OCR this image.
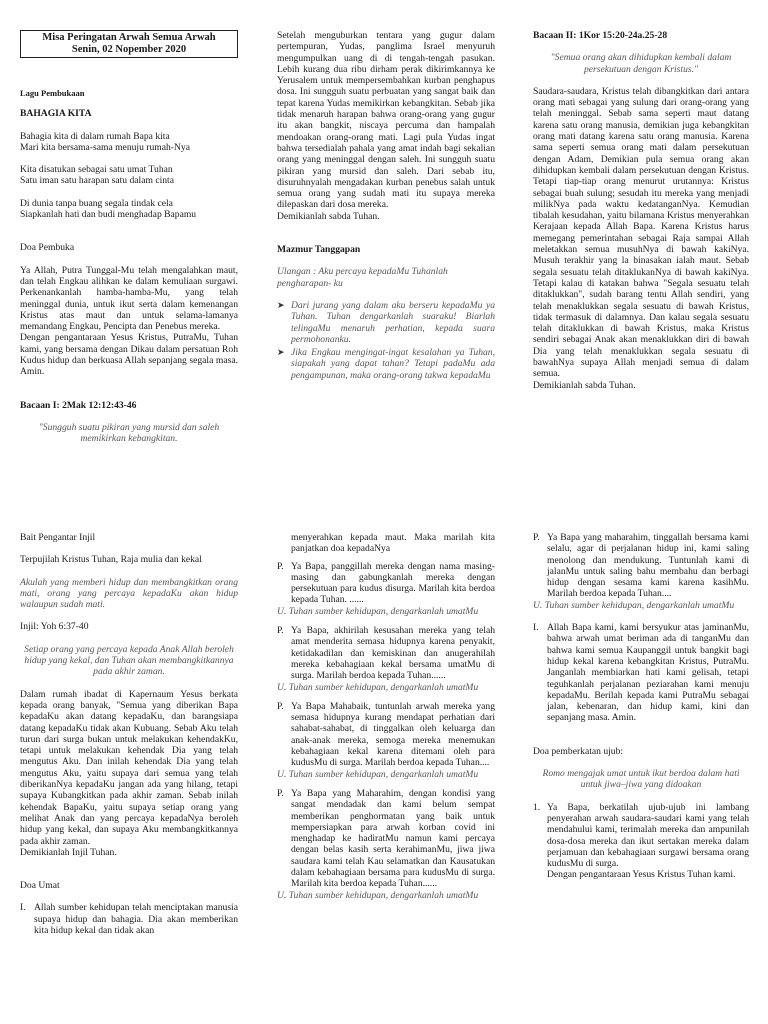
Misa Peringatan Arwah Semua Arwah
Senin, 02 Nopember 2020

Lagu Pembukaan

BAHAGIA KITA

Bahagia kita di dalam rumah Bapa kita

Mari kita bersama-sama menuju rumah-Nya

Kita disatukan sebagai satu umat Tuhan

Satu iman satu harapan satu dalam cinta

Di dunia tanpa buang segala tindak cela

Siapkanlah hati dan budi menghadap Bapamu

Doa Pembuka

Ya Allah, Putra Tunggal-Mu telah mengalahkan maut, dan telah Engkau alihkan ke dalam kemuliaan surgawi. Perkenankanlah hamba-hamba-Mu, yang telah meninggal dunia, untuk ikut serta dalam kemenangan Kristus atas maut dan untuk selama-lamanya memandang Engkau, Pencipta dan Penebus mereka.

Dengan pengantaraan Yesus Kristus, PutraMu, Tuhan kami, yang bersama dengan Dikau dalam persatuan Roh Kudus hidup dan berkuasa Allah sepanjang segala masa. Amin.

Bacaan I: 2Mak 12:12:43-46

"Sungguh suatu pikiran yang mursid dan saleh memikirkan kebangkitan.

Setelah menguburkan tentara yang gugur dalam pertempuran, Yudas, panglima Israel menyuruh mengumpulkan uang di di tengah-tengah pasukan. Lebih kurang dua ribu dirham perak dikirimkannya ke Yerusalem untuk mempersembahkan kurban penghapus dosa. Ini sungguh suatu perbuatan yang sangat baik dan tepat karena Yudas memikirkan kebangkitan. Sebab jika tidak menaruh harapan bahwa orang-orang yang gugur itu akan bangkit, niscaya percuma dan hampalah mendoakan orang-orang mati. Lagi pula Yudas ingat bahwa tersedialah pahala yang amat indah bagi sekalian orang yang meninggal dengan saleh. Ini sungguh suatu pikiran yang mursid dan saleh. Dari sebab itu, disuruhnyalah mengadakan kurban penebus salah untuk semua orang yang sudah mati itu supaya mereka dilepaskan dari dosa mereka.

Demikianlah sabda Tuhan.

Mazmur Tanggapan

Ulangan : Aku percaya kepadaMu Tuhanlah pengharapan- ku

➤ Dari jurang yang dalam aku berseru kepadaMu ya Tuhan. Tuhan dengarkanlah suaraku! Biarlah telingaMu menaruh perhatian, kepada suara permohonanku.
➤ Jika Engkau mengingat-ingat kesalahan ya Tuhan, siapakah yang dapat tahan? Tetapi padaMu ada pengampunan, maka orang-orang takwa kepadaMu

Bacaan II: 1Kor 15:20-24a.25-28

"Semua orang akan dihidupkan kembali dalam persekutuan dengan Kristus."

Saudara-saudara, Kristus telah dibangkitkan dari antara orang mati sebagai yang sulung dari orang-orang yang telah meninggal. Sebab sama seperti maut datang karena satu orang manusia, demikian juga kebangkitan orang mati datang karena satu orang manusia. Karena sama seperti semua orang mati dalam persekutuan dengan Adam, Demikian pula semua orang akan dihidupkan kembali dalam persekutuan dengan Kristus. Tetapi tiap-tiap orang menurut urutannya: Kristus sebagai buah sulung; sesudah itu mereka yang menjadi milikNya pada waktu kedatanganNya. Kemudian tibalah kesudahan, yaitu bilamana Kristus menyerahkan Kerajaan kepada Allah Bapa. Karena Kristus harus memegang pemerintahan sebagai Raja sampai Allah meletakkan semua musuhNya di bawah kakiNya. Musuh terakhir yang la binasakan ialah maut. Sebab segala sesuatu telah ditaklukanNya di bawah kakiNya. Tetapi kalau di katakan bahwa "Segala sesuatu telah ditaklukkan", sudah barang tentu Allah sendiri, yang telah menaklukkan segala sesuatu di bawah Kristus, tidak termasuk di dalamnya. Dan kalau segala sesuatu telah ditaklukkan di bawah Kristus, maka Kristus sendiri sebagai Anak akan menaklukkan diri di bawah Dia yang telah menaklukkan segala sesuatu di bawahNya supaya Allah menjadi semua di dalam semua.

Demikianlah sabda Tuhan.

Bait Pengantar Injil

Terpujilah Kristus Tuhan, Raja mulia dan kekal

Akulah yang memberi hidup dan membangkitkan orang mati, orang yang percaya kepadaKu akan hidup walaupun sudah mati.

Injil: Yoh 6:37-40

Setiap orang yang percaya kepada Anak Allah beroleh hidup yang kekal, dan Tuhan akan membangkitkannya pada akhir zaman.

Dalam rumah ibadat di Kapernaum Yesus berkata kepada orang banyak, "Semua yang diberikan Bapa kepadaKu akan datang kepadaKu, dan barangsiapa datang kepadaKu tidak akan Kubuang. Sebab Aku telah turun dari surga bukan untuk melakukan kehendakKu, tetapi untuk melakukan kehendak Dia yang telah mengutus Aku. Dan inilah kehendak Dia yang telah mengutus Aku, yaitu supaya dari semua yang telah diberikanNya kepadaKu jangan ada yang hilang, tetapi supaya Kubangkitkan pada akhir zaman. Sebab inilah kehendak BapaKu, yaitu supaya setiap orang yang melihat Anak dan yang percaya kepadaNya beroleh hidup yang kekal, dan supaya Aku membangkitkannya pada akhir zaman.

Demikianlah Injil Tuhan.

Doa Umat

I. Allah sumber kehidupan telah menciptakan manusia supaya hidup dan bahagia. Dia akan memberikan kita hidup kekal dan tidak akan

menyerahkan kepada maut. Maka marilah kita panjatkan doa kepadaNya

P. Ya Bapa, panggillah mereka dengan nama masing-masing dan gabungkanlah mereka dengan persekutuan para kudus disurga. Marilah kita berdoa kepada Tuhan. ......

U. Tuhan sumber kehidupan, dengarkanlah umatMu

P. Ya Bapa, akhirilah kesusahan mereka yang telah amat menderita semasa hidupnya karena penyakit, ketidakadilan dan kemiskinan dan anugerahilah mereka kebahagiaan kekal bersama umatMu di surga. Marilah berdoa kepada Tuhan......

U. Tuhan sumber kehidupan, dengarkanlah umatMu

P. Ya Bapa Mahabaik, tuntunlah arwah mereka yang semasa hidupnya kurang mendapat perhatian dari sahabat-sahabat, di tinggalkan oleh keluarga dan anak-anak mereka, semoga mereka menemukan kebahagiaan kekal karena ditemani oleh para kudusMu di surga. Marilah berdoa kepada Tuhan....

U. Tuhan sumber kehidupan, dengarkanlah umatMu

P. Ya Bapa yang Maharahim, dengan kondisi yang sangat mendadak dan kami belum sempat memberikan penghormatan yang baik untuk mempersiapkan para arwah korban covid ini menghadap ke hadiratMu namun kami percaya dengan belas kasih serta kerahimanMu, jiwa jiwa saudara kami telah Kau selamatkan dan Kausatukan dalam kebahagiaan bersama para kudusMu di surga. Marilah kita berdoa kepada Tuhan......

U. Tuhan sumber kehidupan, dengarkanlah umatMu

P. Ya Bapa yang maharahim, tinggallah bersama kami selalu, agar di perjalanan hidup ini, kami saling menolong dan mendukung. Tuntunlah kami di jalanMu untuk saling bahu membahu dan berbagi hidup dengan sesama kami karena kasihMu. Marilah berdoa kepada Tuhan....

U. Tuhan sumber kehidupan, dengarkanlah umatMu

I. Allah Bapa kami, kami bersyukur atas jaminanMu, bahwa arwah umat beriman ada di tanganMu dan bahwa kami semua Kaupanggil untuk bangkit bagi hidup kekal karena kebangkitan Kristus, PutraMu. Janganlah membiarkan hati kami gelisah, tetapi teguhkanlah perjalanan peziarahan kami menuju kepadaMu. Berilah kepada kami PutraMu sebagai jalan, kebenaran, dan hidup kami, kini dan sepanjang masa. Amin.

Doa pemberkatan ujub:

Romo mengajak umat untuk ikut berdoa dalam hati untuk jiwa–jiwa yang didoakan

1. Ya Bapa, berkatilah ujub-ujub ini lambang penyerahan arwah saudara-saudari kami yang telah mendahului kami, terimalah mereka dan ampunilah dosa-dosa mereka dan ikut sertakan mereka dalam perjamuan dan kebahagiaan surgawi bersama orang kudusMu di surga.

Dengan pengantaraan Yesus Kristus Tuhan kami.
